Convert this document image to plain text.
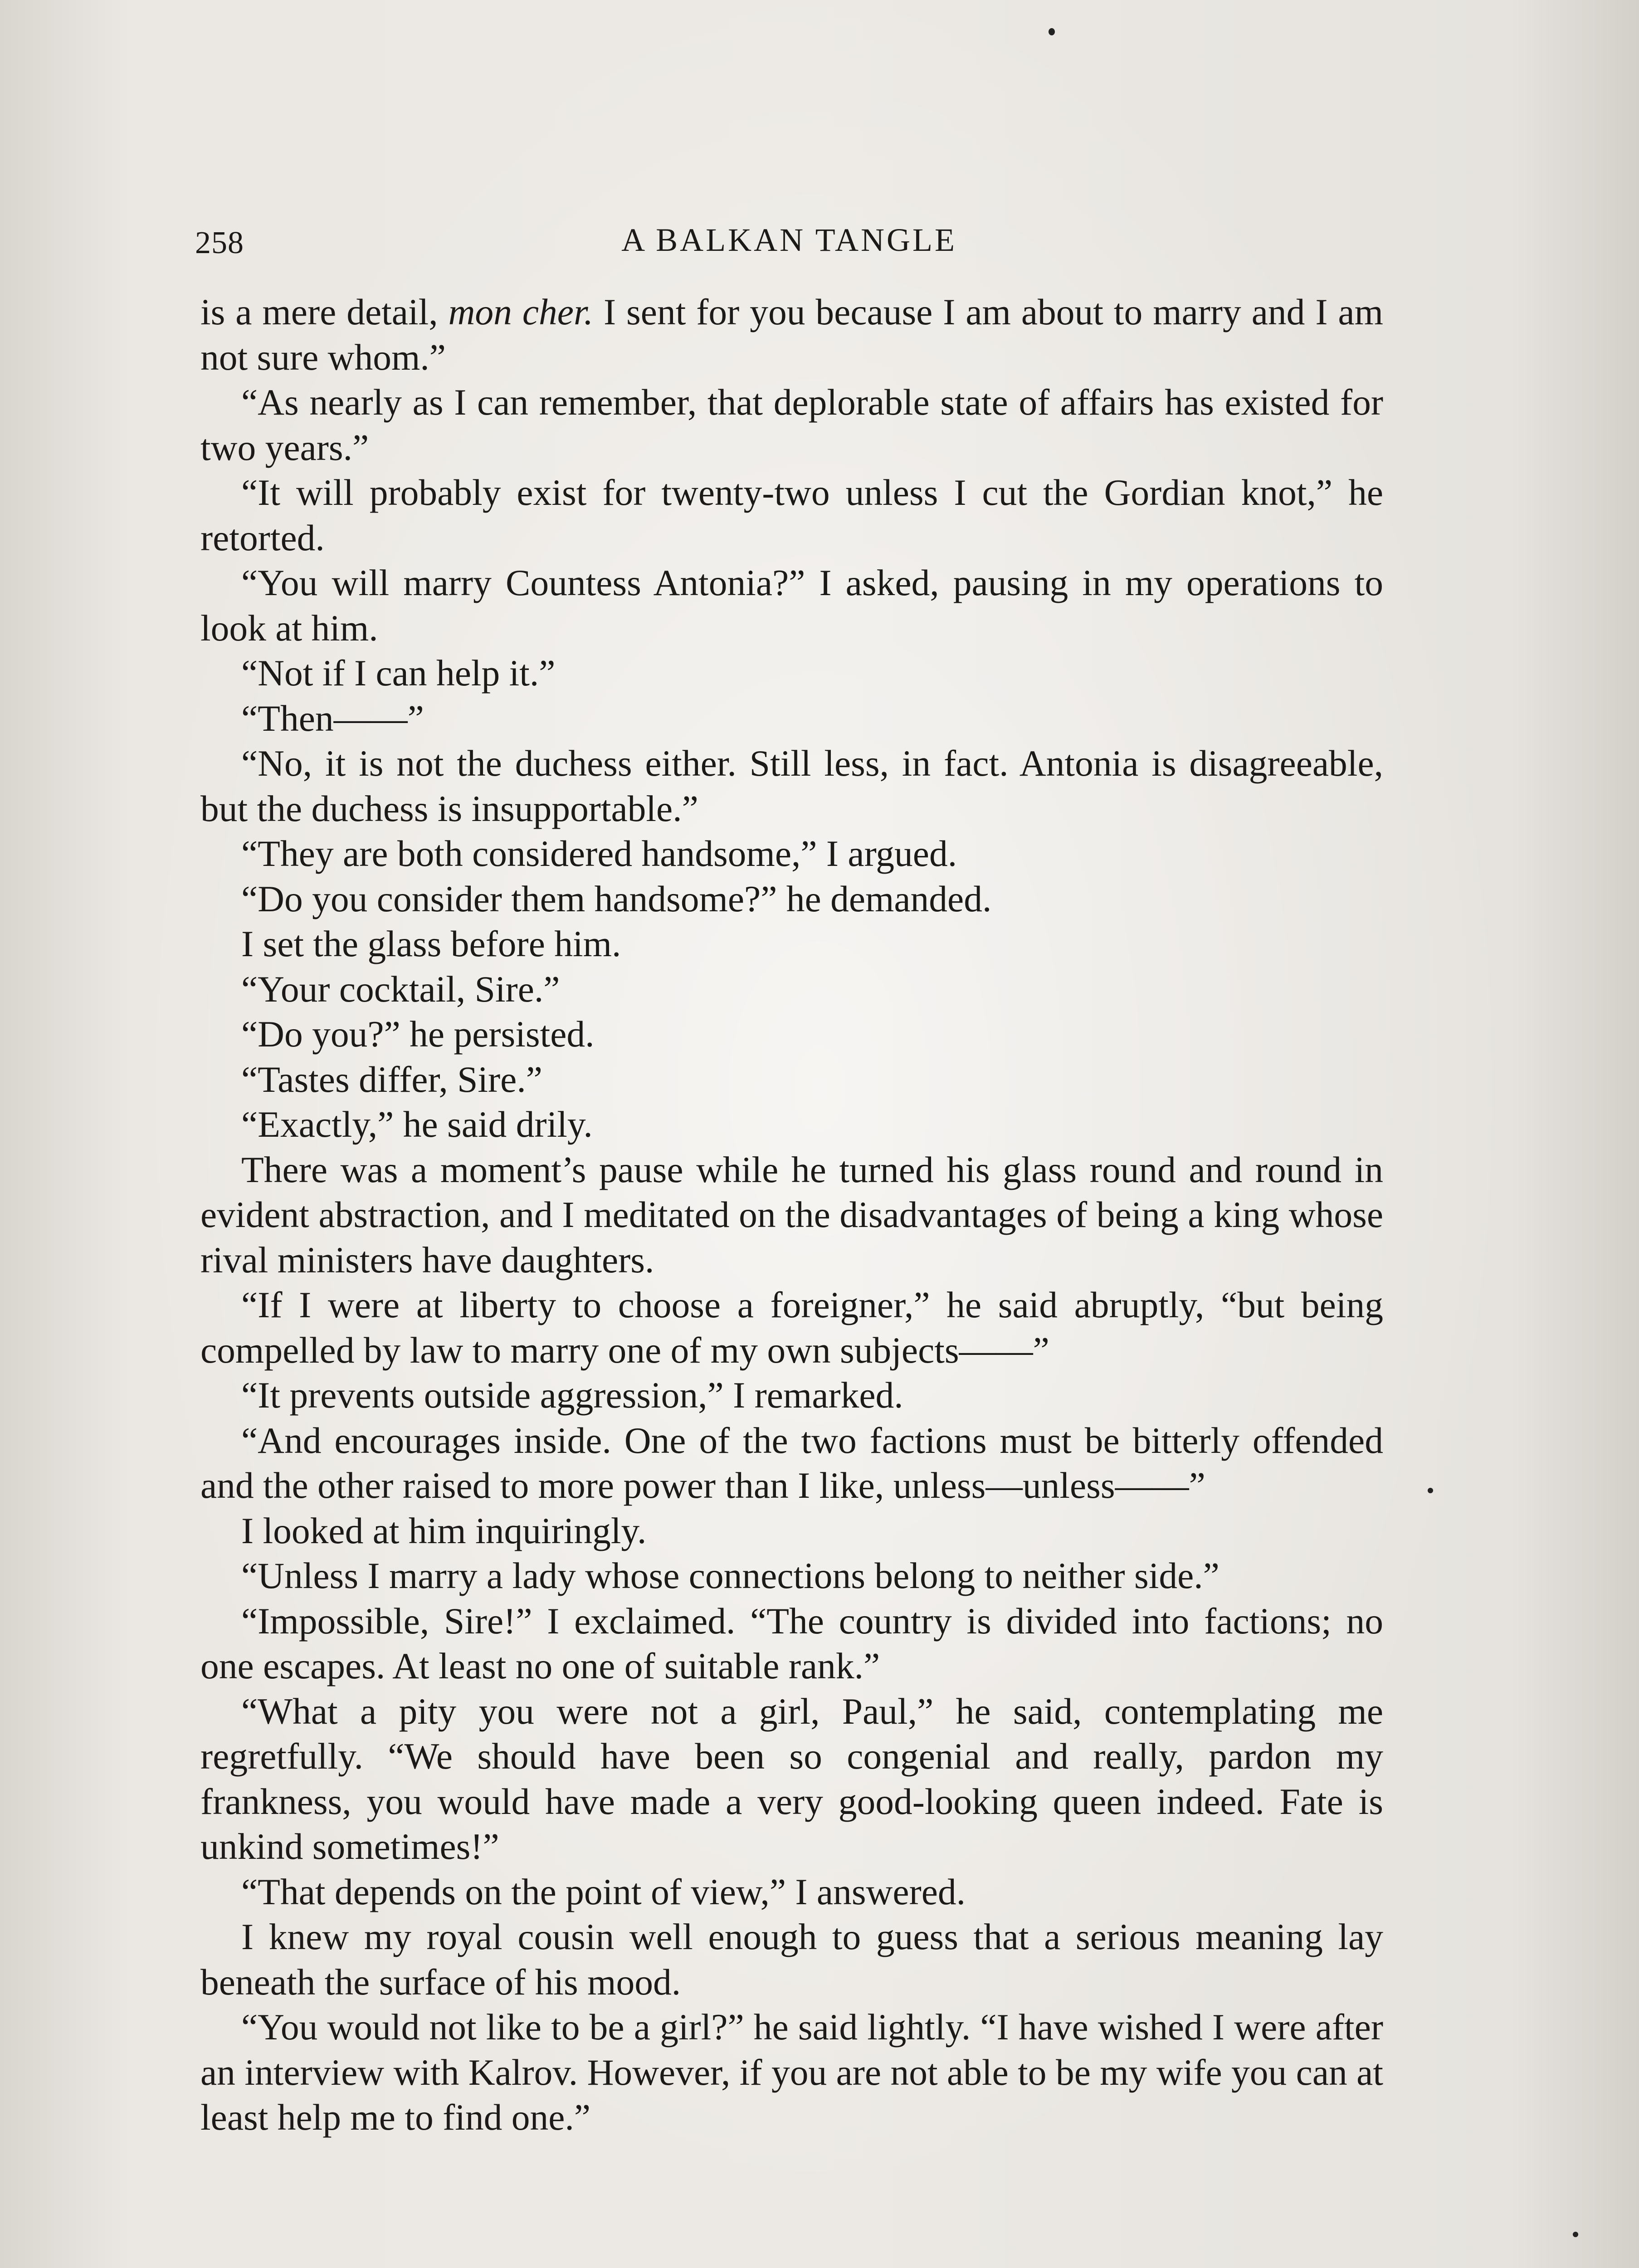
258	A BALKAN TANGLE

is a mere detail, mon cher. I sent for you because I am about to marry and I am not sure whom.”

“As nearly as I can remember, that deplorable state of affairs has existed for two years.”

“It will probably exist for twenty-two unless I cut the Gordian knot,” he retorted.

“You will marry Countess Antonia?” I asked, pausing in my operations to look at him.

“Not if I can help it.”

“Then——”

“No, it is not the duchess either. Still less, in fact. Antonia is disagreeable, but the duchess is insupportable.”

“They are both considered handsome,” I argued.

“Do you consider them handsome?” he demanded.

I set the glass before him.

“Your cocktail, Sire.”

“Do you?” he persisted.

“Tastes differ, Sire.”

“Exactly,” he said drily.

There was a moment’s pause while he turned his glass round and round in evident abstraction, and I meditated on the disadvantages of being a king whose rival ministers have daughters.

“If I were at liberty to choose a foreigner,” he said abruptly, “but being compelled by law to marry one of my own subjects——”

“It prevents outside aggression,” I remarked.

“And encourages inside. One of the two factions must be bitterly offended and the other raised to more power than I like, unless—unless——”

I looked at him inquiringly.

“Unless I marry a lady whose connections belong to neither side.”

“Impossible, Sire!” I exclaimed. “The country is divided into factions; no one escapes. At least no one of suitable rank.”

“What a pity you were not a girl, Paul,” he said, contemplating me regretfully. “We should have been so congenial and really, pardon my frankness, you would have made a very good-looking queen indeed. Fate is unkind sometimes!”

“That depends on the point of view,” I answered.

I knew my royal cousin well enough to guess that a serious meaning lay beneath the surface of his mood.

“You would not like to be a girl?” he said lightly. “I have wished I were after an interview with Kalrov. However, if you are not able to be my wife you can at least help me to find one.”
